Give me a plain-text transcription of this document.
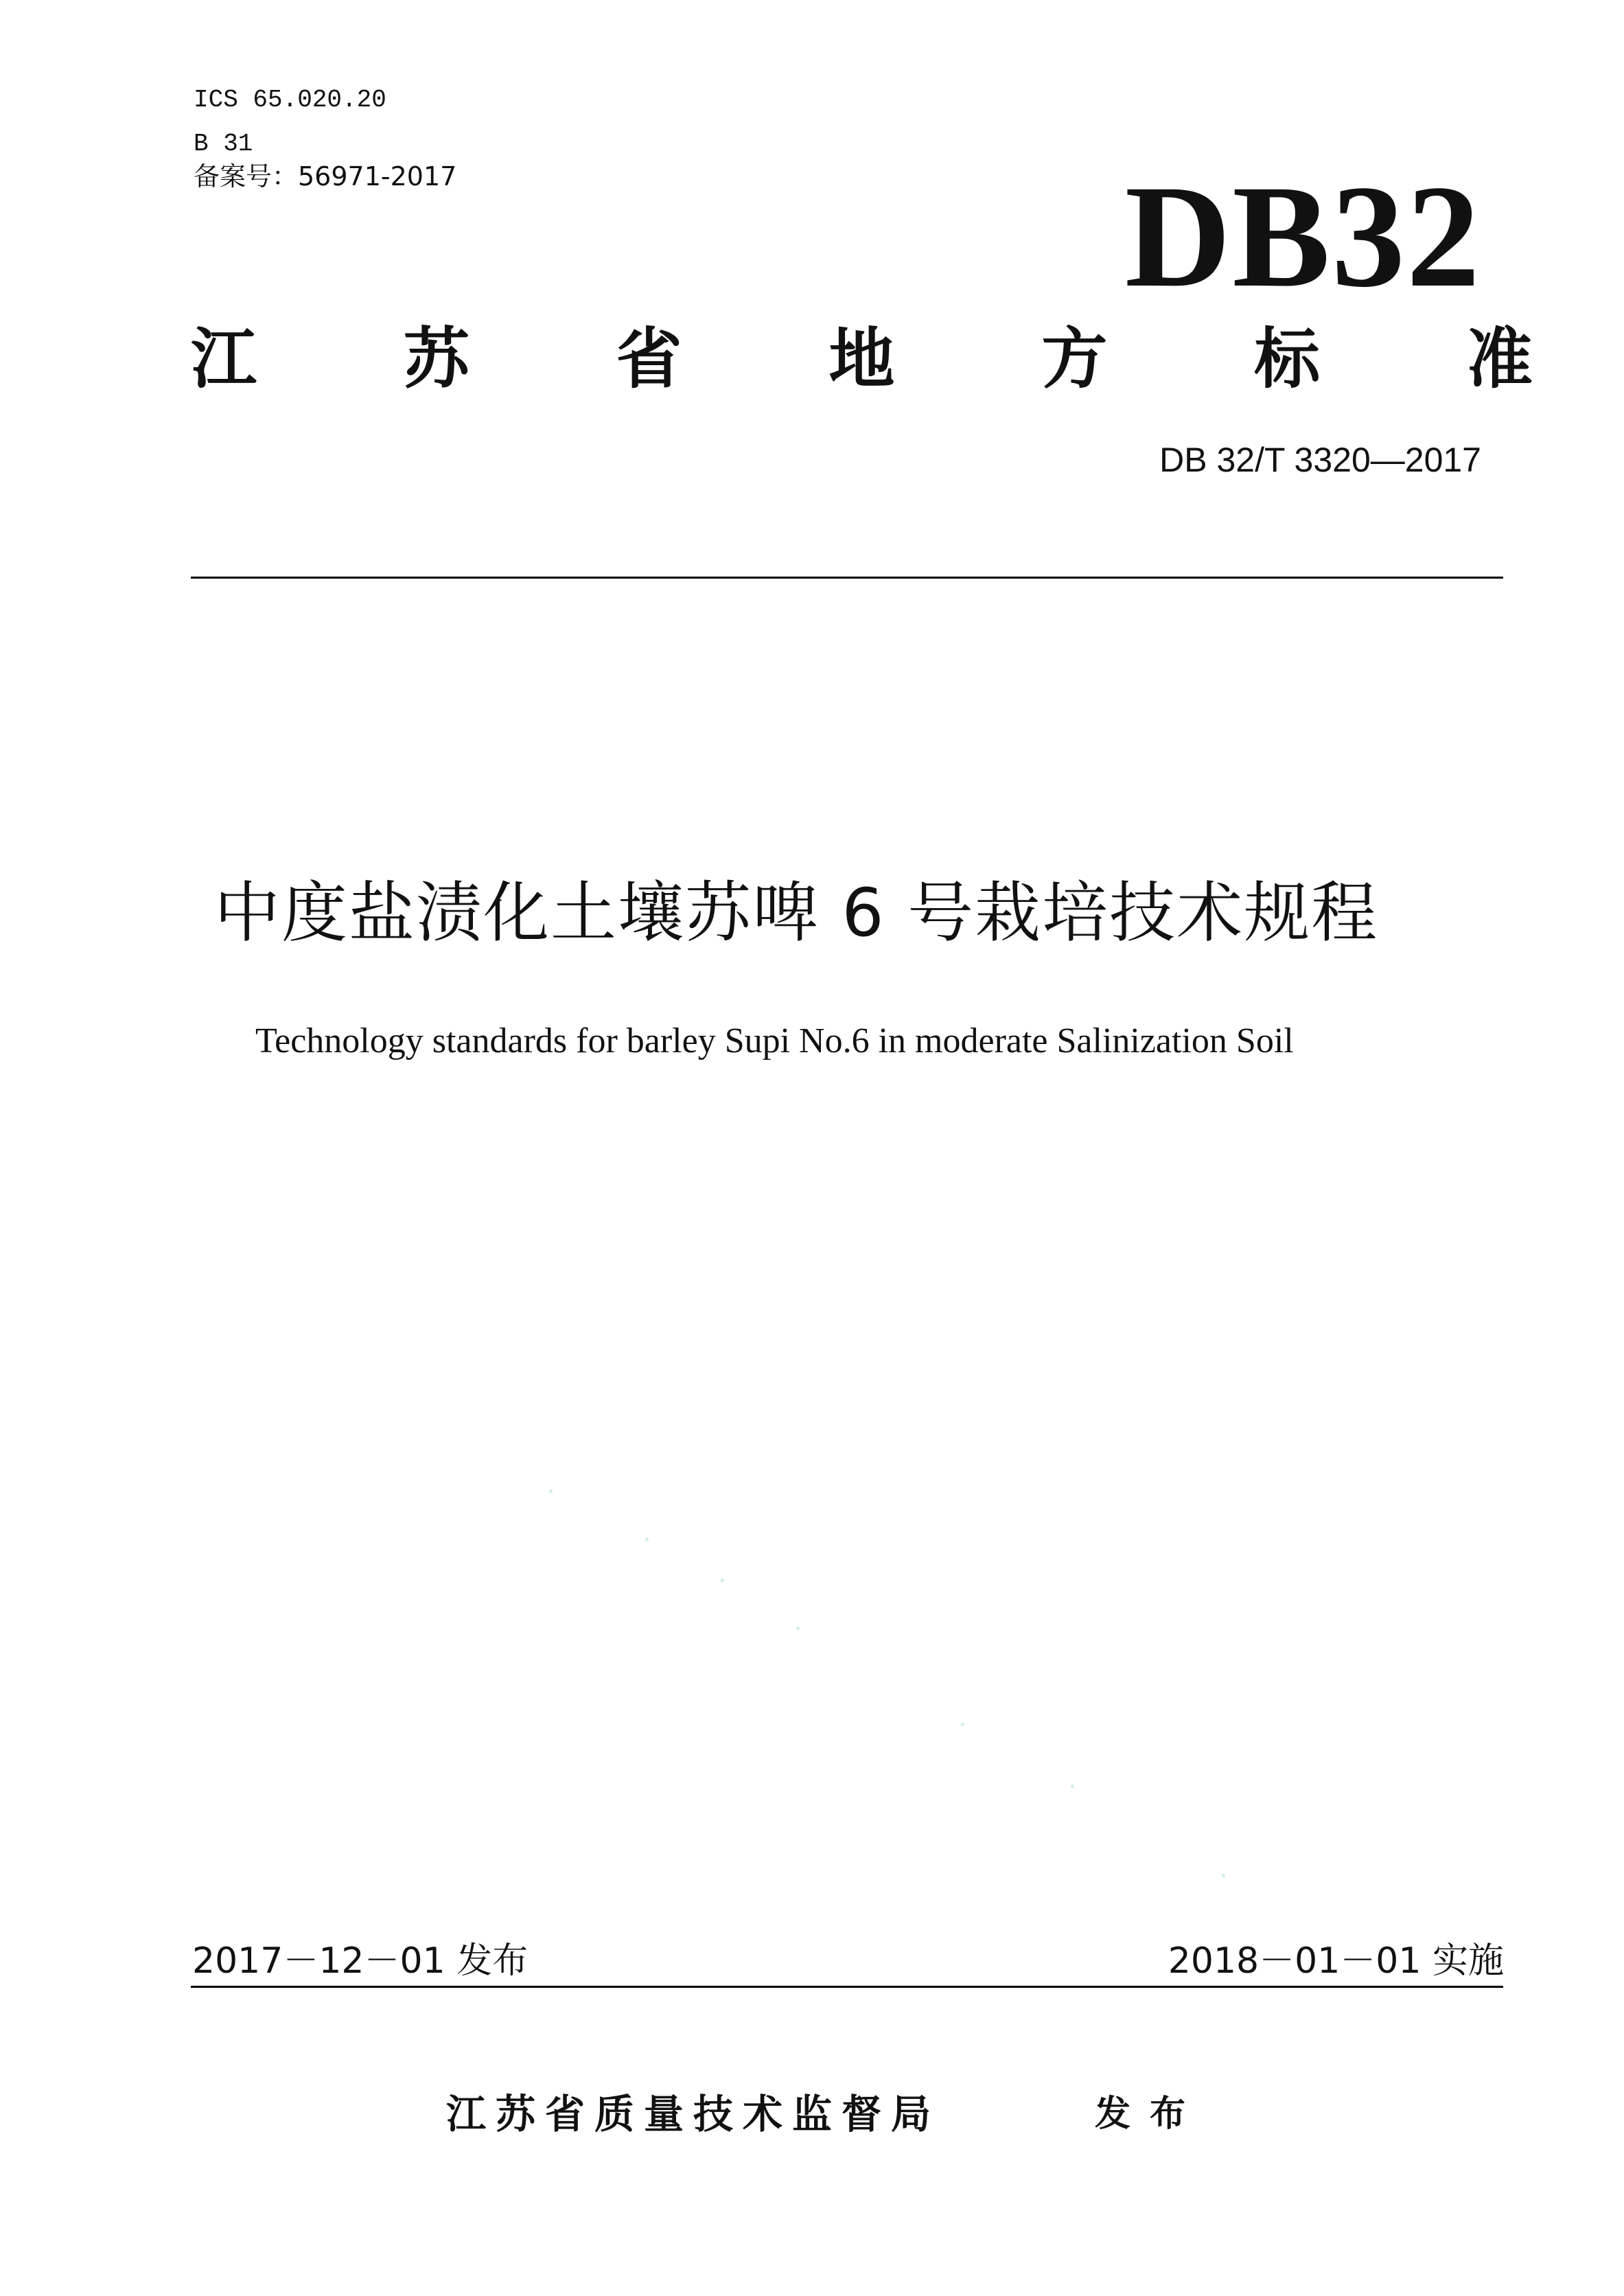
ICS 65.020.20
B 31
备案号：56971-2017	DB32
江 苏 省 地 方 标 准
DB 32/T 3320—2017
中度盐渍化土壤苏啤 6 号栽培技术规程
Technology standards for barley Supi No.6 in moderate Salinization Soil
2017－12－01 发布	2018－01－01 实施
江苏省质量技术监督局	发布
